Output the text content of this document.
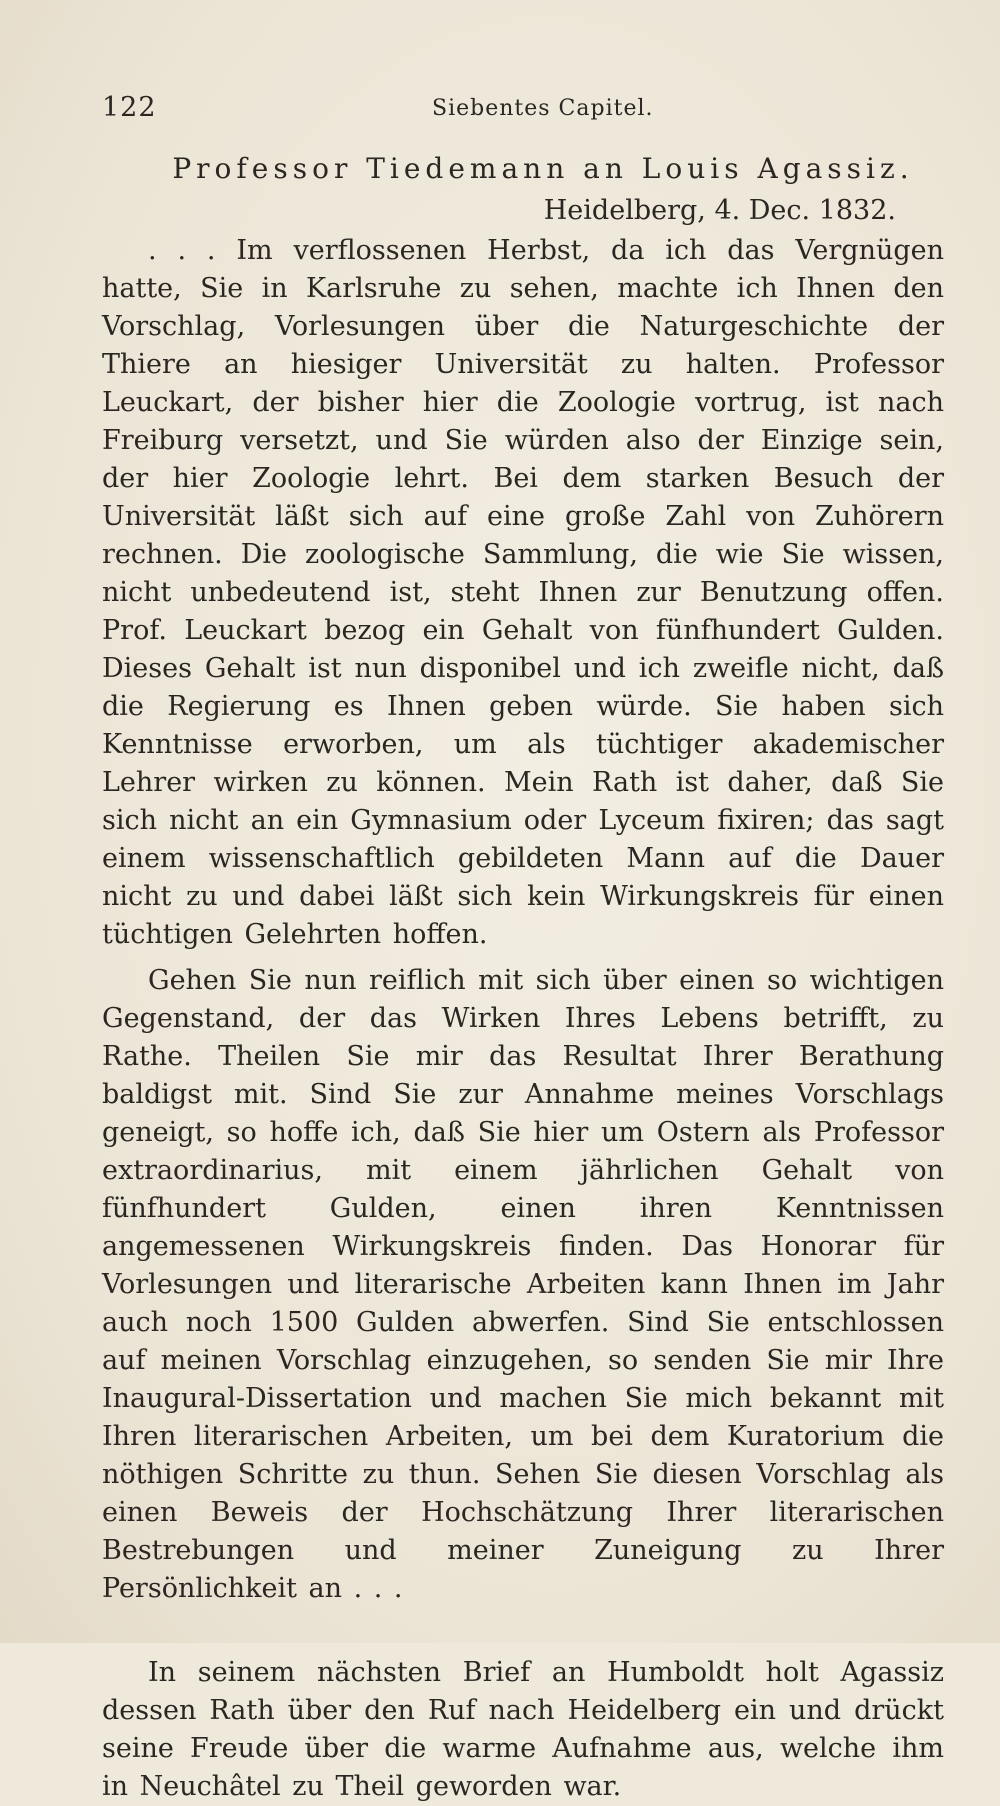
122	Siebentes Capitel.
Professor Tiedemann an Louis Agassiz.
Heidelberg, 4. Dec. 1832.

. . . Im verflossenen Herbst, da ich das Vergnügen hatte, Sie in Karlsruhe zu sehen, machte ich Ihnen den Vorschlag, Vorlesungen über die Naturgeschichte der Thiere an hiesiger Universität zu halten. Professor Leuckart, der bisher hier die Zoologie vortrug, ist nach Freiburg versetzt, und Sie würden also der Einzige sein, der hier Zoologie lehrt. Bei dem starken Besuch der Universität läßt sich auf eine große Zahl von Zuhörern rechnen. Die zoologische Sammlung, die wie Sie wissen, nicht unbedeutend ist, steht Ihnen zur Benutzung offen. Prof. Leuckart bezog ein Gehalt von fünfhundert Gulden. Dieses Gehalt ist nun disponibel und ich zweifle nicht, daß die Regierung es Ihnen geben würde. Sie haben sich Kenntnisse erworben, um als tüchtiger akademischer Lehrer wirken zu können. Mein Rath ist daher, daß Sie sich nicht an ein Gymnasium oder Lyceum fixiren; das sagt einem wissenschaftlich gebildeten Mann auf die Dauer nicht zu und dabei läßt sich kein Wirkungskreis für einen tüchtigen Gelehrten hoffen.

Gehen Sie nun reiflich mit sich über einen so wichtigen Gegenstand, der das Wirken Ihres Lebens betrifft, zu Rathe. Theilen Sie mir das Resultat Ihrer Berathung baldigst mit. Sind Sie zur Annahme meines Vorschlags geneigt, so hoffe ich, daß Sie hier um Ostern als Professor extraordinarius, mit einem jährlichen Gehalt von fünfhundert Gulden, einen ihren Kenntnissen angemessenen Wirkungskreis finden. Das Honorar für Vorlesungen und literarische Arbeiten kann Ihnen im Jahr auch noch 1500 Gulden abwerfen. Sind Sie entschlossen auf meinen Vorschlag einzugehen, so senden Sie mir Ihre Inaugural-Dissertation und machen Sie mich bekannt mit Ihren literarischen Arbeiten, um bei dem Kuratorium die nöthigen Schritte zu thun. Sehen Sie diesen Vorschlag als einen Beweis der Hochschätzung Ihrer literarischen Bestrebungen und meiner Zuneigung zu Ihrer Persönlichkeit an . . .

In seinem nächsten Brief an Humboldt holt Agassiz dessen Rath über den Ruf nach Heidelberg ein und drückt seine Freude über die warme Aufnahme aus, welche ihm in Neuchâtel zu Theil geworden war.
